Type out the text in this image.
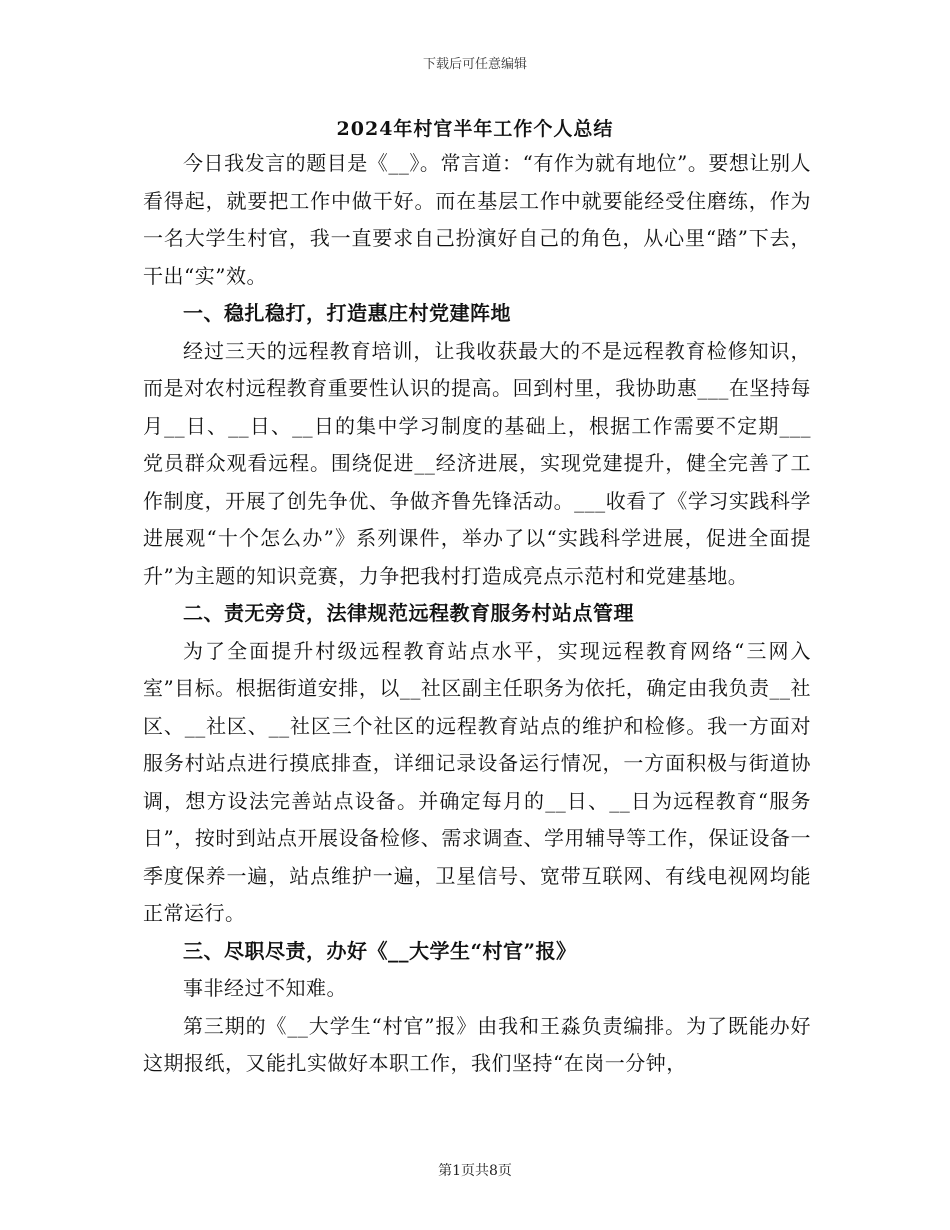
下载后可任意编辑
2024年村官半年工作个人总结

今日我发言的题目是《__》。常言道：“有作为就有地位”。要想让别人看得起，就要把工作中做干好。而在基层工作中就要能经受住磨练，作为一名大学生村官，我一直要求自己扮演好自己的角色，从心里“踏”下去，干出“实”效。

一、稳扎稳打，打造惠庄村党建阵地

经过三天的远程教育培训，让我收获最大的不是远程教育检修知识，而是对农村远程教育重要性认识的提高。回到村里，我协助惠___在坚持每月__日、__日、__日的集中学习制度的基础上，根据工作需要不定期___党员群众观看远程。围绕促进__经济进展，实现党建提升，健全完善了工作制度，开展了创先争优、争做齐鲁先锋活动。___收看了《学习实践科学进展观“十个怎么办”》系列课件，举办了以“实践科学进展，促进全面提升”为主题的知识竞赛，力争把我村打造成亮点示范村和党建基地。

二、责无旁贷，法律规范远程教育服务村站点管理

为了全面提升村级远程教育站点水平，实现远程教育网络“三网入室”目标。根据街道安排，以__社区副主任职务为依托，确定由我负责__社区、__社区、__社区三个社区的远程教育站点的维护和检修。我一方面对服务村站点进行摸底排查，详细记录设备运行情况，一方面积极与街道协调，想方设法完善站点设备。并确定每月的__日、__日为远程教育“服务日”，按时到站点开展设备检修、需求调查、学用辅导等工作，保证设备一季度保养一遍，站点维护一遍，卫星信号、宽带互联网、有线电视网均能正常运行。

三、尽职尽责，办好《__大学生“村官”报》

事非经过不知难。

第三期的《__大学生“村官”报》由我和王淼负责编排。为了既能办好这期报纸，又能扎实做好本职工作，我们坚持“在岗一分钟，

第1页共8页
